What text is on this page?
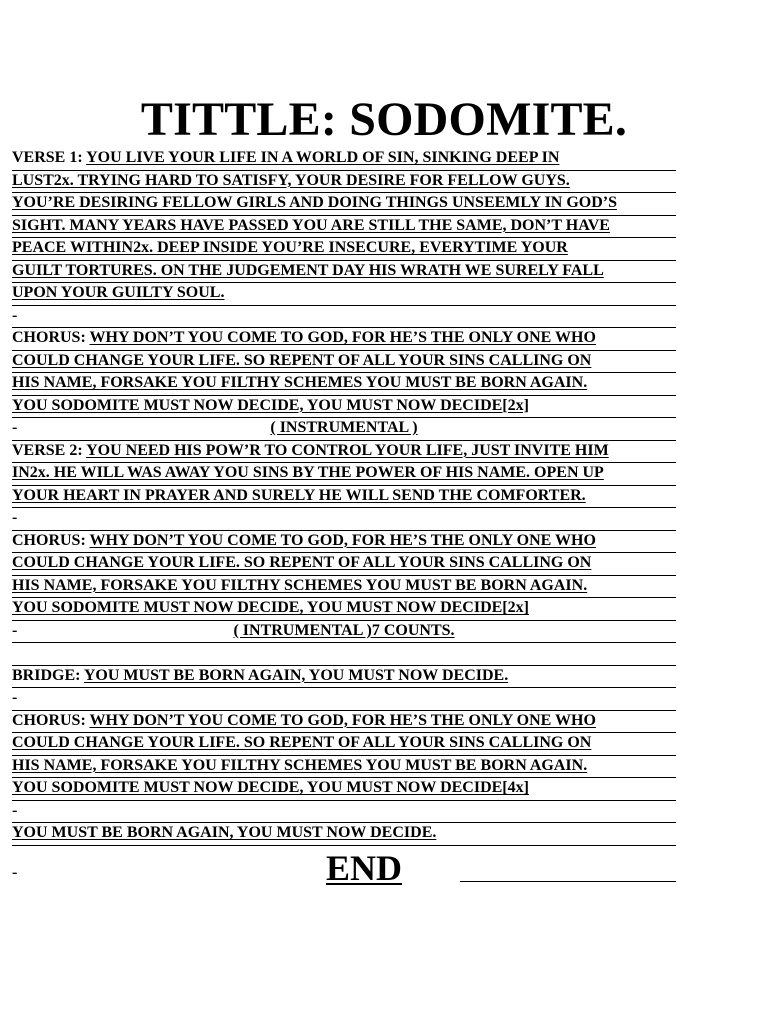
TITTLE: SODOMITE.
VERSE 1: YOU LIVE YOUR LIFE IN A WORLD OF SIN, SINKING DEEP IN
LUST2x. TRYING HARD TO SATISFY, YOUR DESIRE FOR FELLOW GUYS.
YOU’RE DESIRING FELLOW GIRLS AND DOING THINGS UNSEEMLY IN GOD’S
SIGHT. MANY YEARS HAVE PASSED YOU ARE STILL THE SAME, DON’T HAVE
PEACE WITHIN2x. DEEP INSIDE YOU’RE INSECURE, EVERYTIME YOUR
GUILT TORTURES. ON THE JUDGEMENT DAY HIS WRATH WE SURELY FALL
UPON YOUR GUILTY SOUL.
-
CHORUS: WHY DON’T YOU COME TO GOD, FOR HE’S THE ONLY ONE WHO
COULD CHANGE YOUR LIFE. SO REPENT OF ALL YOUR SINS CALLING ON
HIS NAME, FORSAKE YOU FILTHY SCHEMES YOU MUST BE BORN AGAIN.
YOU SODOMITE MUST NOW DECIDE, YOU MUST NOW DECIDE[2x]
-	( INSTRUMENTAL )
VERSE 2: YOU NEED HIS POW’R TO CONTROL YOUR LIFE, JUST INVITE HIM
IN2x. HE WILL WAS AWAY YOU SINS BY THE POWER OF HIS NAME. OPEN UP
YOUR HEART IN PRAYER AND SURELY HE WILL SEND THE COMFORTER.
-
CHORUS: WHY DON’T YOU COME TO GOD, FOR HE’S THE ONLY ONE WHO
COULD CHANGE YOUR LIFE. SO REPENT OF ALL YOUR SINS CALLING ON
HIS NAME, FORSAKE YOU FILTHY SCHEMES YOU MUST BE BORN AGAIN.
YOU SODOMITE MUST NOW DECIDE, YOU MUST NOW DECIDE[2x]
-	( INTRUMENTAL )7 COUNTS.
BRIDGE: YOU MUST BE BORN AGAIN, YOU MUST NOW DECIDE.
-
CHORUS: WHY DON’T YOU COME TO GOD, FOR HE’S THE ONLY ONE WHO
COULD CHANGE YOUR LIFE. SO REPENT OF ALL YOUR SINS CALLING ON
HIS NAME, FORSAKE YOU FILTHY SCHEMES YOU MUST BE BORN AGAIN.
YOU SODOMITE MUST NOW DECIDE, YOU MUST NOW DECIDE[4x]
-
YOU MUST BE BORN AGAIN, YOU MUST NOW DECIDE.
-	END
